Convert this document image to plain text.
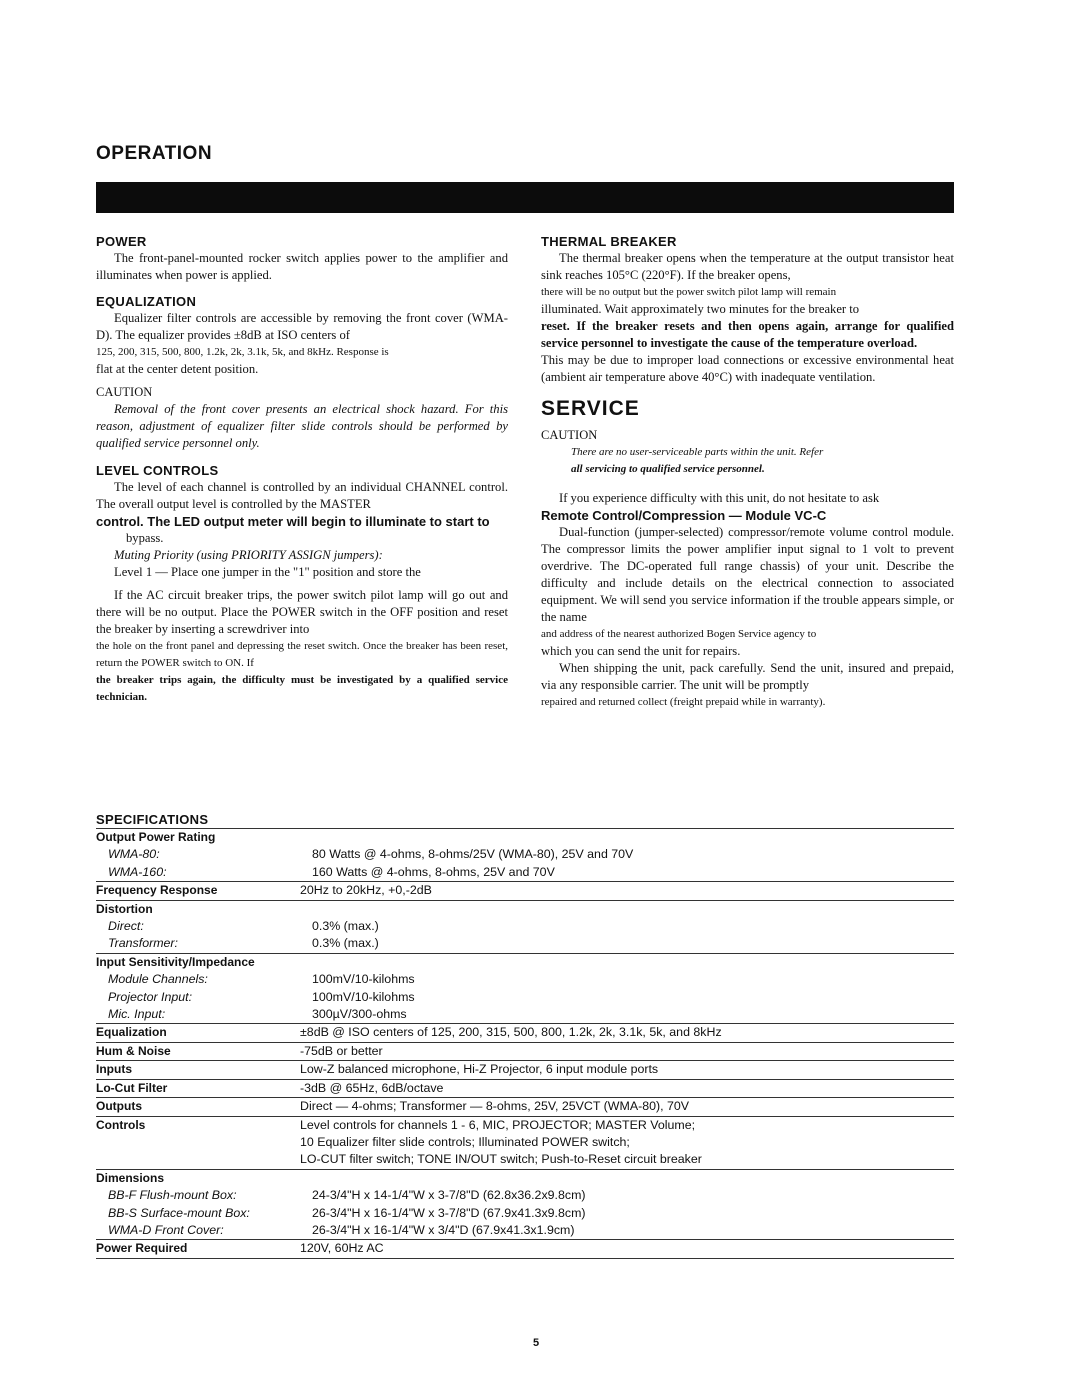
OPERATION

POWER

The front-panel-mounted rocker switch applies power to the amplifier and illuminates when power is applied.

EQUALIZATION

Equalizer filter controls are accessible by removing the front cover (WMA-D). The equalizer provides ±8dB at ISO centers of

125, 200, 315, 500, 800, 1.2k, 2k, 3.1k, 5k, and 8kHz. Response is

flat at the center detent position.

CAUTION

Removal of the front cover presents an electrical shock hazard. For this reason, adjustment of equalizer filter slide controls should be performed by qualified service personnel only.

LEVEL CONTROLS

The level of each channel is controlled by an individual CHANNEL control. The overall output level is controlled by the MASTER

control. The LED output meter will begin to illuminate to start to

bypass.

Muting Priority (using PRIORITY ASSIGN jumpers):

Level 1 — Place one jumper in the "1" position and store the

If the AC circuit breaker trips, the power switch pilot lamp will go out and there will be no output. Place the POWER switch in the OFF position and reset the breaker by inserting a screwdriver into

the hole on the front panel and depressing the reset switch. Once the breaker has been reset, return the POWER switch to ON. If

the breaker trips again, the difficulty must be investigated by a qualified service technician.

THERMAL BREAKER

The thermal breaker opens when the temperature at the output transistor heat sink reaches 105°C (220°F). If the breaker opens,

there will be no output but the power switch pilot lamp will remain

illuminated. Wait approximately two minutes for the breaker to

reset. If the breaker resets and then opens again, arrange for qualified service personnel to investigate the cause of the temperature overload.

This may be due to improper load connections or excessive environmental heat (ambient air temperature above 40°C) with inadequate ventilation.

SERVICE

CAUTION

There are no user-serviceable parts within the unit. Refer

all servicing to qualified service personnel.

If you experience difficulty with this unit, do not hesitate to ask

Remote Control/Compression — Module VC-C

Dual-function (jumper-selected) compressor/remote volume control module. The compressor limits the power amplifier input signal to 1 volt to prevent overdrive. The DC-operated full range chassis) of your unit. Describe the difficulty and include details on the electrical connection to associated equipment. We will send you service information if the trouble appears simple, or the name

and address of the nearest authorized Bogen Service agency to

which you can send the unit for repairs.

When shipping the unit, pack carefully. Send the unit, insured and prepaid, via any responsible carrier. The unit will be promptly

repaired and returned collect (freight prepaid while in warranty).

SPECIFICATIONS
Output Power Rating
WMA-80:	80 Watts @ 4-ohms, 8-ohms/25V (WMA-80), 25V and 70V
WMA-160:	160 Watts @ 4-ohms, 8-ohms, 25V and 70V
Frequency Response	20Hz to 20kHz, +0,-2dB
Distortion
Direct:	0.3% (max.)
Transformer:	0.3% (max.)
Input Sensitivity/Impedance
Module Channels:	100mV/10-kilohms
Projector Input:	100mV/10-kilohms
Mic. Input:	300µV/300-ohms
Equalization	±8dB @ ISO centers of 125, 200, 315, 500, 800, 1.2k, 2k, 3.1k, 5k, and 8kHz
Hum & Noise	-75dB or better
Inputs	Low-Z balanced microphone, Hi-Z Projector, 6 input module ports
Lo-Cut Filter	-3dB @ 65Hz, 6dB/octave
Outputs	Direct — 4-ohms; Transformer — 8-ohms, 25V, 25VCT (WMA-80), 70V
Controls	Level controls for channels 1 - 6, MIC, PROJECTOR; MASTER Volume;
10 Equalizer filter slide controls; Illuminated POWER switch;
LO-CUT filter switch; TONE IN/OUT switch; Push-to-Reset circuit breaker
Dimensions
BB-F Flush-mount Box:	24-3/4"H x 14-1/4"W x 3-7/8"D (62.8x36.2x9.8cm)
BB-S Surface-mount Box:	26-3/4"H x 16-1/4"W x 3-7/8"D (67.9x41.3x9.8cm)
WMA-D Front Cover:	26-3/4"H x 16-1/4"W x 3/4"D (67.9x41.3x1.9cm)
Power Required	120V, 60Hz AC
5
